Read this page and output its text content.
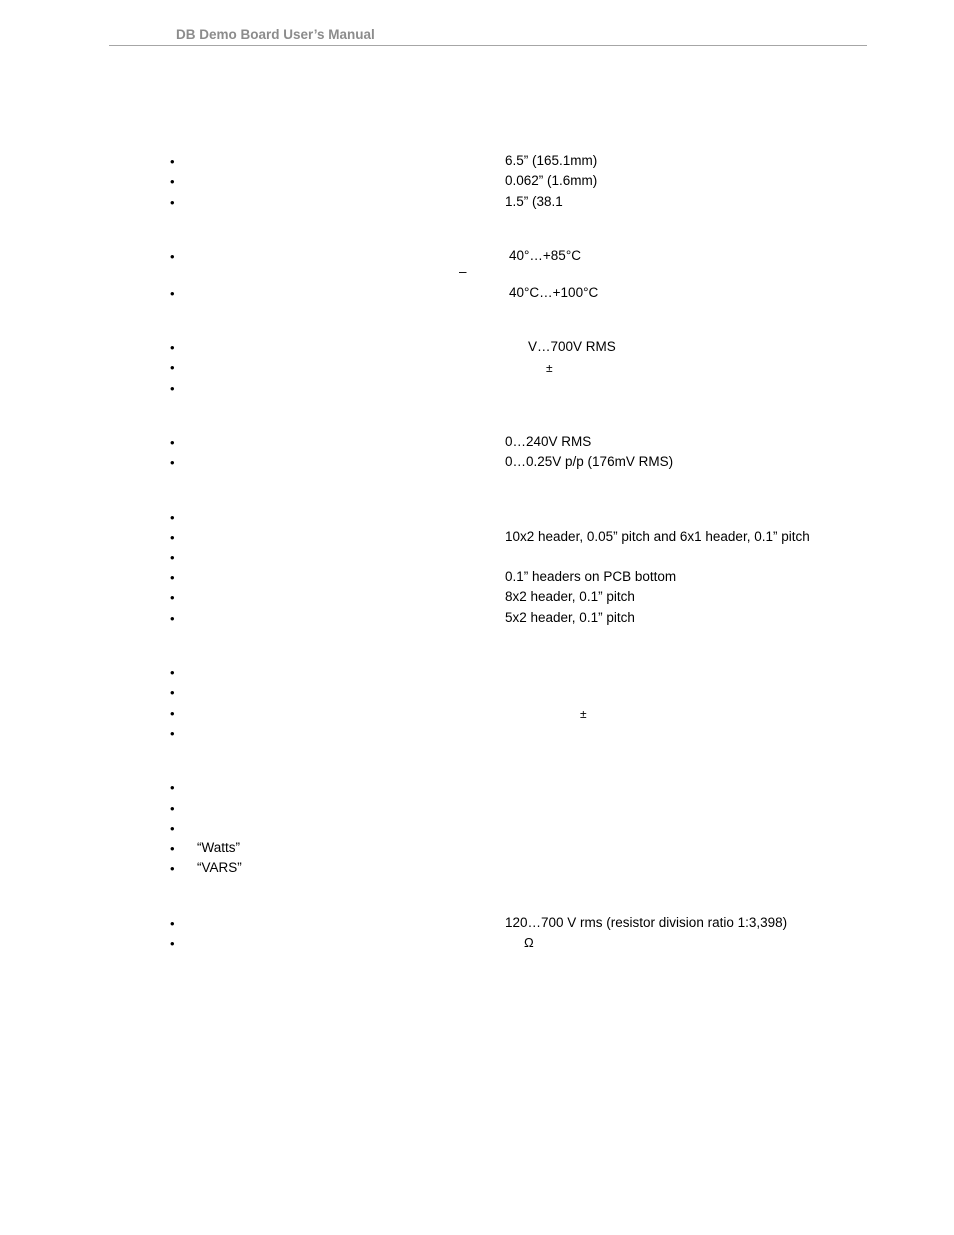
DB Demo Board User’s Manual
•	6.5” (165.1mm)
•	0.062” (1.6mm)
•	1.5” (38.1
•	40°…+85°C
–
•	40°C…+100°C
•	V…700V RMS
•	±
•
•	0…240V RMS
•	0…0.25V p/p (176mV RMS)
•
•	10x2 header, 0.05” pitch and 6x1 header, 0.1” pitch
•
•	0.1” headers on PCB bottom
•	8x2 header, 0.1” pitch
•	5x2 header, 0.1” pitch
•
•
•	±
•
•
•
•
• “Watts”
• “VARS”
•	120…700 V rms (resistor division ratio 1:3,398)
•	Ω
